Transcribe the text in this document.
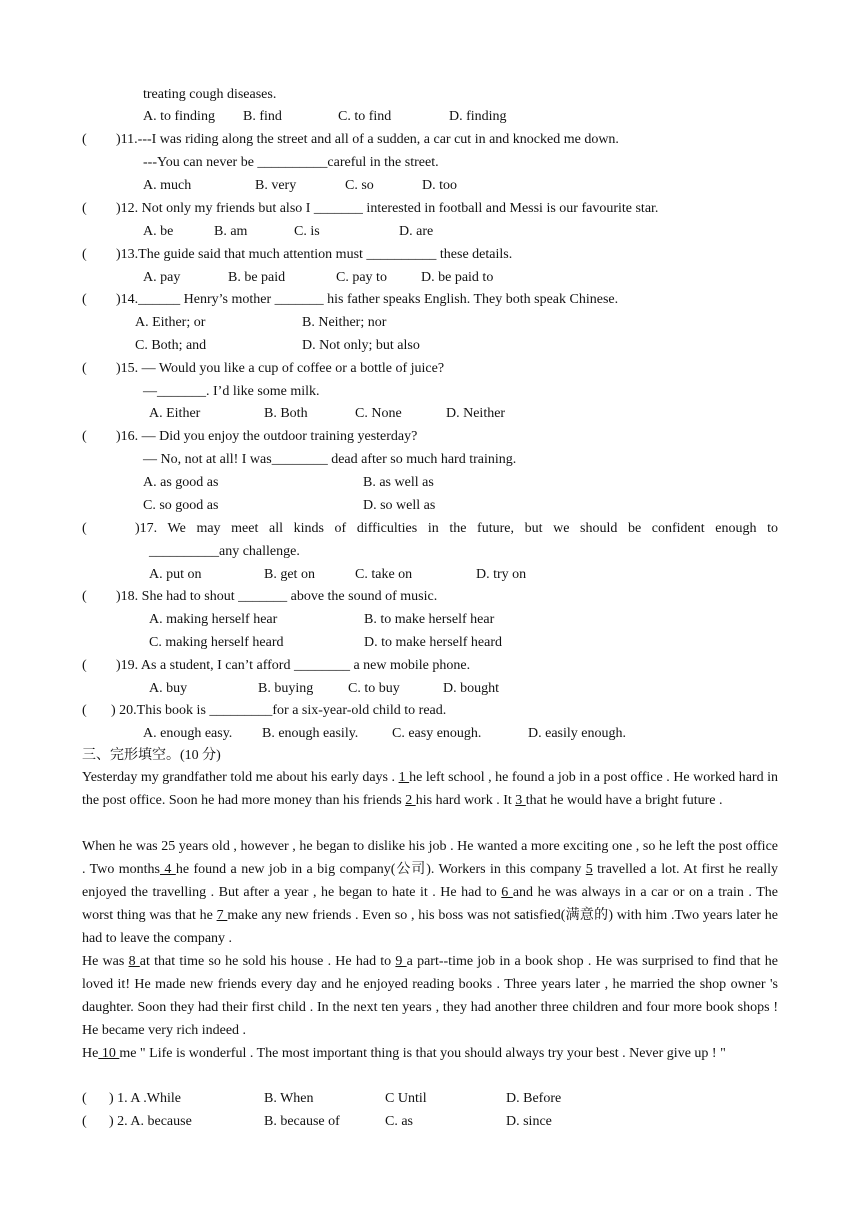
treating cough diseases.
A. to finding B. find	C. to find	D. finding
( )11.---I was riding along the street and all of a sudden, a car cut in and knocked me down.
---You can never be __________careful in the street.
A. much	B. very	C. so	D. too
( )12. Not only my friends but also I _______ interested in football and Messi is our favourite star.
A. be	B. am	C. is	D. are
( )13.The guide said that much attention must __________ these details.
A. pay	B. be paid	C. pay to D. be paid to
( )14.______ Henry’s mother _______ his father speaks English. They both speak Chinese.
A. Either; or	B. Neither; nor
C. Both; and	D. Not only; but also
( )15. — Would you like a cup of coffee or a bottle of juice?
—_______. I’d like some milk.
A. Either	B. Both	C. None	D. Neither
( )16. — Did you enjoy the outdoor training yesterday?
— No, not at all! I was________ dead after so much hard training.
A. as good as	B. as well as
C. so good as	D. so well as
(	) 17. We may meet all kinds of difficulties in the future, but we should be confident enough to
__________any challenge.
A. put on	B. get on	C. take on	D. try on
( )18. She had to shout _______ above the sound of music.
A. making herself hear	B. to make herself hear
C. making herself heard	D. to make herself heard
( )19. As a student, I can’t afford ________ a new mobile phone.
A. buy	B. buying C. to buy	D. bought
( ) 20.This book is _________for a six-year-old child to read.
A. enough easy. B. enough easily. C. easy enough.	D. easily enough.
三、完形填空。(10 分)
Yesterday my grandfather told me about his early days . 1 he left school , he found a job in a post office . He worked hard in the post office. Soon he had more money than his friends 2 his hard work . It 3 that he would have a bright future .
When he was 25 years old , however , he began to dislike his job . He wanted a more exciting one , so he left the post office . Two months 4 he found a new job in a big company(公司). Workers in this company 5 travelled a lot. At first he really enjoyed the travelling . But after a year , he began to hate it . He had to 6 and he was always in a car or on a train . The worst thing was that he 7 make any new friends . Even so , his boss was not satisfied(满意的) with him .Two years later he had to leave the company .
He was 8 at that time so he sold his house . He had to 9 a part--time job in a book shop . He was surprised to find that he loved it! He made new friends every day and he enjoyed reading books . Three years later , he married the shop owner 's daughter. Soon they had their first child . In the next ten years , they had another three children and four more book shops ! He became very rich indeed .
He 10 me " Life is wonderful . The most important thing is that you should always try your best . Never give up ! "
( ) 1. A .While	B. When	C Until	D. Before
( ) 2. A. because	B. because of	C. as	D. since
